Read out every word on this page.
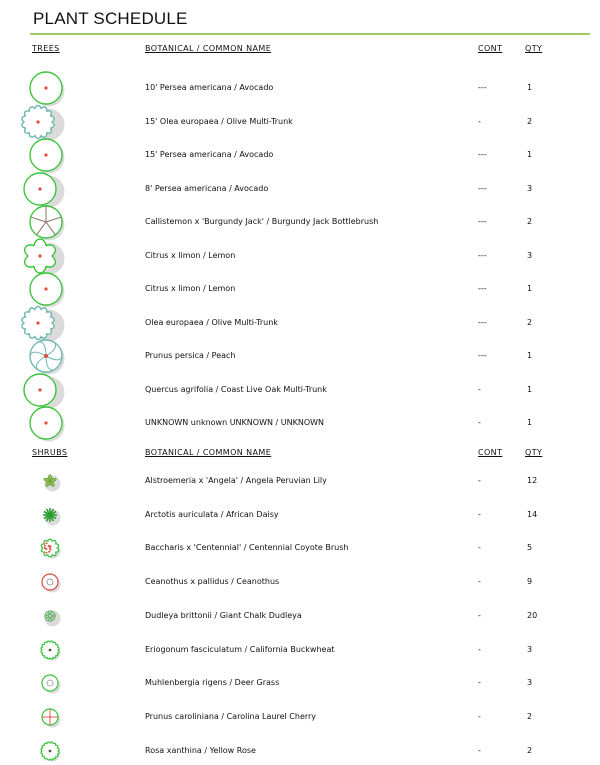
PLANT SCHEDULE
TREES	BOTANICAL / COMMON NAME	CONT	QTY
10' Persea americana / Avocado	---	1
15' Olea europaea / Olive Multi-Trunk	-	2
15' Persea americana / Avocado	---	1
8' Persea americana / Avocado	---	3
Callistemon x 'Burgundy Jack' / Burgundy Jack Bottlebrush	---	2
Citrus x limon / Lemon	---	3
Citrus x limon / Lemon	---	1
Olea europaea / Olive Multi-Trunk	---	2
Prunus persica / Peach	---	1
Quercus agrifolia / Coast Live Oak Multi-Trunk	-	1
UNKNOWN unknown UNKNOWN / UNKNOWN	-	1
SHRUBS	BOTANICAL / COMMON NAME	CONT	QTY
Alstroemeria x 'Angela' / Angela Peruvian Lily	-	12
Arctotis auriculata / African Daisy	-	14
Baccharis x 'Centennial' / Centennial Coyote Brush	-	5
Ceanothus x pallidus / Ceanothus	-	9
Dudleya brittonii / Giant Chalk Dudleya	-	20
Eriogonum fasciculatum / California Buckwheat	-	3
Muhlenbergia rigens / Deer Grass	-	3
Prunus caroliniana / Carolina Laurel Cherry	-	2
Rosa xanthina / Yellow Rose	-	2
